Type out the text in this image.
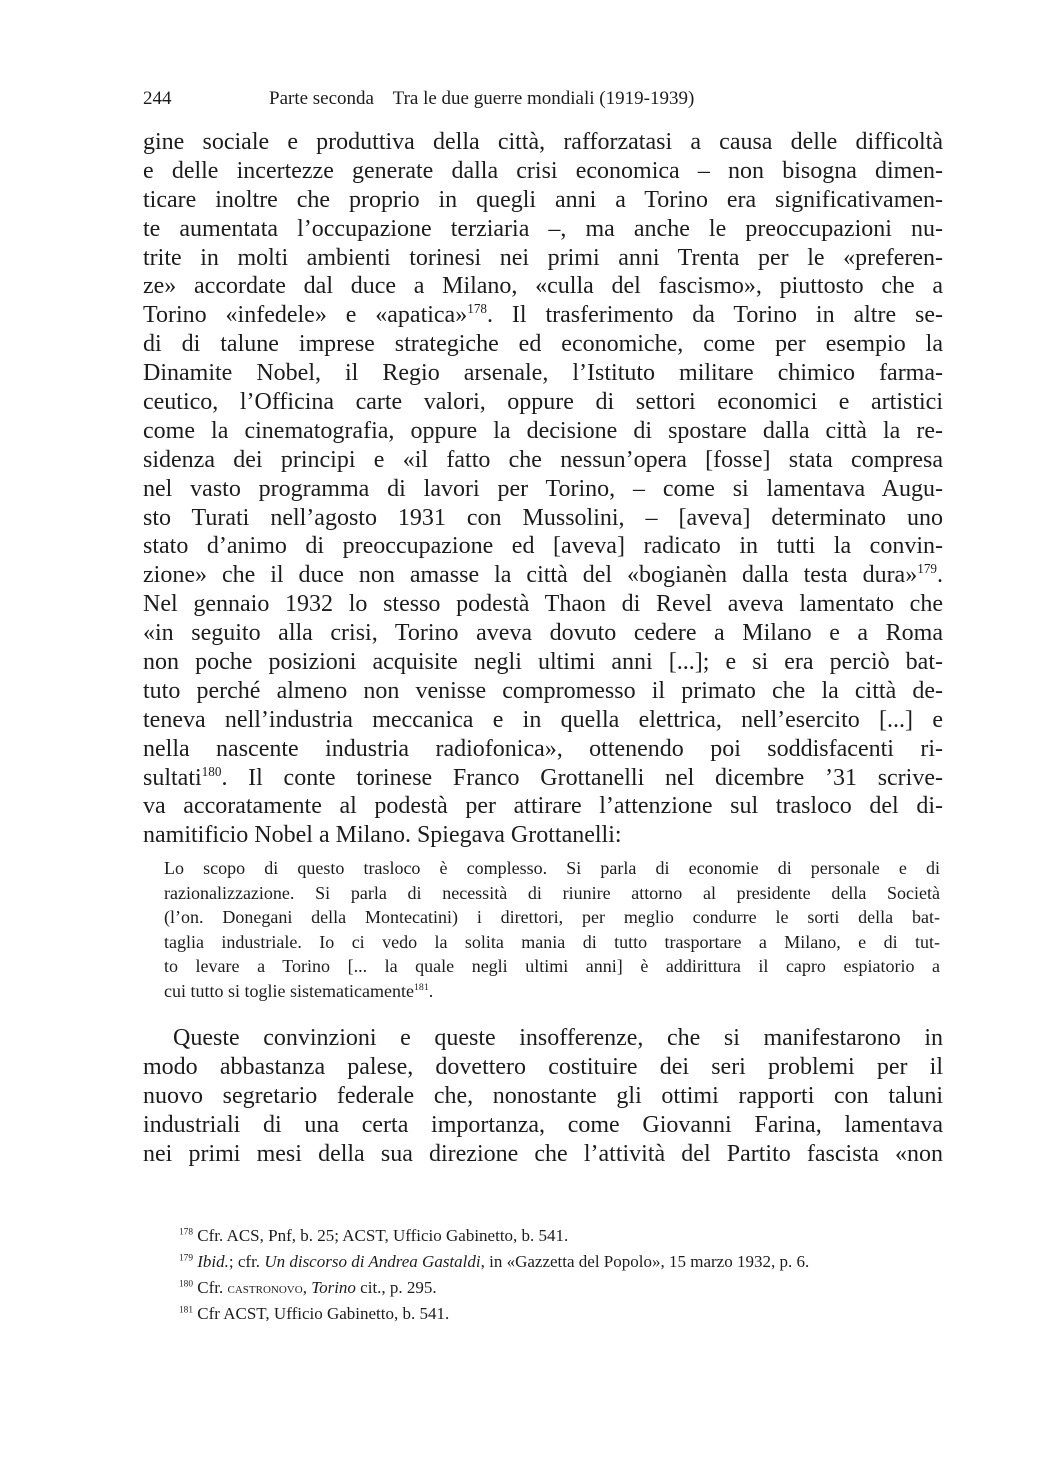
244	Parte seconda    Tra le due guerre mondiali (1919-1939)
gine sociale e produttiva della città, rafforzatasi a causa delle difficoltà
e delle incertezze generate dalla crisi economica – non bisogna dimen-
ticare inoltre che proprio in quegli anni a Torino era significativamen-
te aumentata l’occupazione terziaria –, ma anche le preoccupazioni nu-
trite in molti ambienti torinesi nei primi anni Trenta per le «preferen-
ze» accordate dal duce a Milano, «culla del fascismo», piuttosto che a
Torino «infedele» e «apatica»$^{178}$. Il trasferimento da Torino in altre se-
di di talune imprese strategiche ed economiche, come per esempio la
Dinamite Nobel, il Regio arsenale, l’Istituto militare chimico farma-
ceutico, l’Officina carte valori, oppure di settori economici e artistici
come la cinematografia, oppure la decisione di spostare dalla città la re-
sidenza dei principi e «il fatto che nessun’opera [fosse] stata compresa
nel vasto programma di lavori per Torino, – come si lamentava Augu-
sto Turati nell’agosto 1931 con Mussolini, – [aveva] determinato uno
stato d’animo di preoccupazione ed [aveva] radicato in tutti la convin-
zione» che il duce non amasse la città del «bogianèn dalla testa dura»$^{179}$.
Nel gennaio 1932 lo stesso podestà Thaon di Revel aveva lamentato che
«in seguito alla crisi, Torino aveva dovuto cedere a Milano e a Roma
non poche posizioni acquisite negli ultimi anni [...]; e si era perciò bat-
tuto perché almeno non venisse compromesso il primato che la città de-
teneva nell’industria meccanica e in quella elettrica, nell’esercito [...] e
nella nascente industria radiofonica», ottenendo poi soddisfacenti ri-
sultati$^{180}$. Il conte torinese Franco Grottanelli nel dicembre ’31 scrive-
va accoratamente al podestà per attirare l’attenzione sul trasloco del di-
namitificio Nobel a Milano. Spiegava Grottanelli:
Lo scopo di questo trasloco è complesso. Si parla di economie di personale e di
razionalizzazione. Si parla di necessità di riunire attorno al presidente della Società
(l’on. Donegani della Montecatini) i direttori, per meglio condurre le sorti della bat-
taglia industriale. Io ci vedo la solita mania di tutto trasportare a Milano, e di tut-
to levare a Torino [... la quale negli ultimi anni] è addirittura il capro espiatorio a
cui tutto si toglie sistematicamente$^{181}$.
Queste convinzioni e queste insofferenze, che si manifestarono in
modo abbastanza palese, dovettero costituire dei seri problemi per il
nuovo segretario federale che, nonostante gli ottimi rapporti con taluni
industriali di una certa importanza, come Giovanni Farina, lamentava
nei primi mesi della sua direzione che l’attività del Partito fascista «non
$^{178}$ Cfr. ACS, Pnf, b. 25; ACST, Ufficio Gabinetto, b. 541.
$^{179}$ Ibid.; cfr. Un discorso di Andrea Gastaldi, in «Gazzetta del Popolo», 15 marzo 1932, p. 6.
$^{180}$ Cfr. castronovo, Torino cit., p. 295.
$^{181}$ Cfr ACST, Ufficio Gabinetto, b. 541.
